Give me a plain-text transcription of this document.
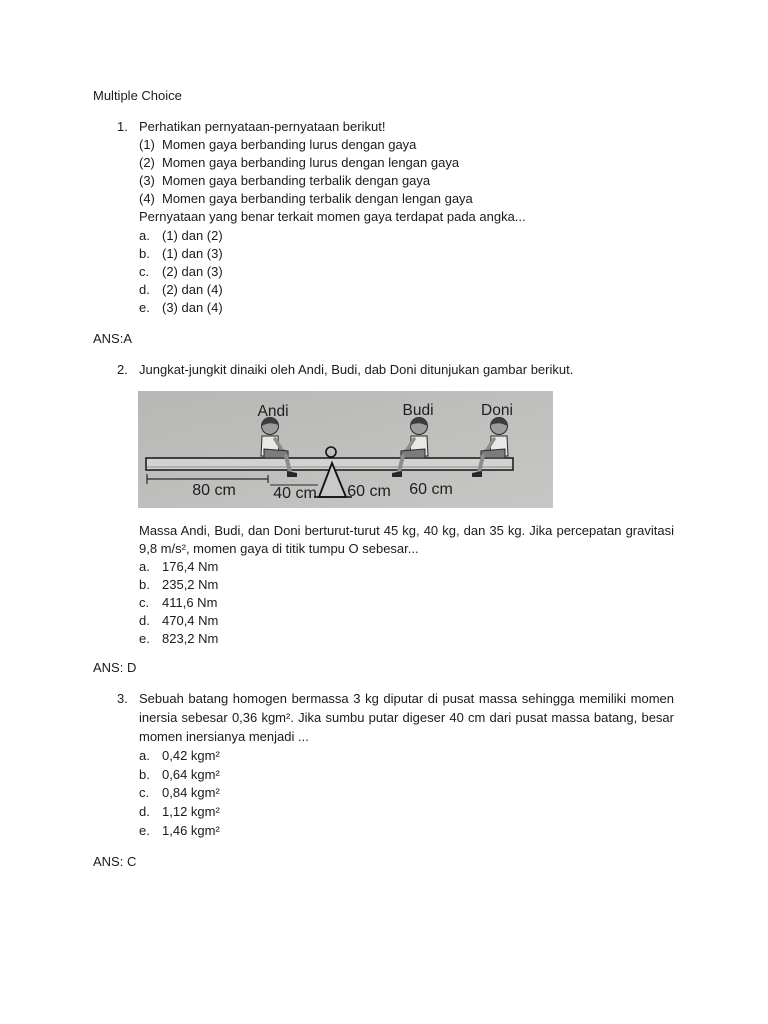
Multiple Choice
1. Perhatikan pernyataan-pernyataan berikut!
(1) Momen gaya berbanding lurus dengan gaya
(2) Momen gaya berbanding lurus dengan lengan gaya
(3) Momen gaya berbanding terbalik dengan gaya
(4) Momen gaya berbanding terbalik dengan lengan gaya
Pernyataan yang benar terkait momen gaya terdapat pada angka...
a. (1) dan (2)
b. (1) dan (3)
c. (2) dan (3)
d. (2) dan (4)
e. (3) dan (4)
ANS:A
2. Jungkat-jungkit dinaiki oleh Andi, Budi, dab Doni ditunjukan gambar berikut.
Andi	Budi	Doni
80 cm 40 cm 60 cm 60 cm
Massa Andi, Budi, dan Doni berturut-turut 45 kg, 40 kg, dan 35 kg. Jika percepatan gravitasi
9,8 m/s², momen gaya di titik tumpu O sebesar...
a. 176,4 Nm
b. 235,2 Nm
c. 411,6 Nm
d. 470,4 Nm
e. 823,2 Nm
ANS: D
3. Sebuah batang homogen bermassa 3 kg diputar di pusat massa sehingga memiliki momen
inersia sebesar 0,36 kgm². Jika sumbu putar digeser 40 cm dari pusat massa batang, besar
momen inersianya menjadi ...
a. 0,42 kgm²
b. 0,64 kgm²
c. 0,84 kgm²
d. 1,12 kgm²
e. 1,46 kgm²
ANS: C
